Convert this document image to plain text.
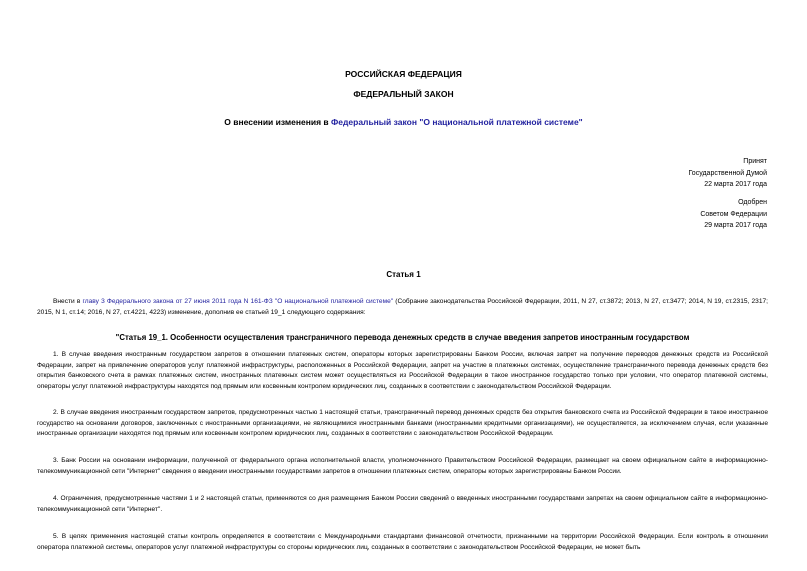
РОССИЙСКАЯ ФЕДЕРАЦИЯ
ФЕДЕРАЛЬНЫЙ ЗАКОН
О внесении изменения в Федеральный закон "О национальной платежной системе"
Принят
Государственной Думой
22 марта 2017 года
Одобрен
Советом Федерации
29 марта 2017 года
Статья 1
Внести в главу 3 Федерального закона от 27 июня 2011 года N 161-ФЗ "О национальной платежной системе" (Собрание законодательства Российской Федерации, 2011, N 27, ст.3872; 2013, N 27, ст.3477; 2014, N 19, ст.2315, 2317; 2015, N 1, ст.14; 2016, N 27, ст.4221, 4223) изменение, дополнив ее статьей 19_1 следующего содержания:
"Статья 19_1. Особенности осуществления трансграничного перевода денежных средств в случае введения запретов иностранным государством
1. В случае введения иностранным государством запретов в отношении платежных систем, операторы которых зарегистрированы Банком России, включая запрет на получение переводов денежных средств из Российской Федерации, запрет на привлечение операторов услуг платежной инфраструктуры, расположенных в Российской Федерации, запрет на участие в платежных системах, осуществление трансграничного перевода денежных средств без открытия банковского счета в рамках платежных систем, иностранных платежных систем может осуществляться из Российской Федерации в такое иностранное государство только при условии, что оператор платежной системы, операторы услуг платежной инфраструктуры находятся под прямым или косвенным контролем юридических лиц, созданных в соответствии с законодательством Российской Федерации.
2. В случае введения иностранным государством запретов, предусмотренных частью 1 настоящей статьи, трансграничный перевод денежных средств без открытия банковского счета из Российской Федерации в такое иностранное государство на основании договоров, заключенных с иностранными организациями, не являющимися иностранными банками (иностранными кредитными организациями), не осуществляется, за исключением случая, если указанные иностранные организации находятся под прямым или косвенным контролем юридических лиц, созданных в соответствии с законодательством Российской Федерации.
3. Банк России на основании информации, полученной от федерального органа исполнительной власти, уполномоченного Правительством Российской Федерации, размещает на своем официальном сайте в информационно-телекоммуникационной сети "Интернет" сведения о введении иностранными государствами запретов в отношении платежных систем, операторы которых зарегистрированы Банком России.
4. Ограничения, предусмотренные частями 1 и 2 настоящей статьи, применяются со дня размещения Банком России сведений о введенных иностранными государствами запретах на своем официальном сайте в информационно-телекоммуникационной сети "Интернет".
5. В целях применения настоящей статьи контроль определяется в соответствии с Международными стандартами финансовой отчетности, признанными на территории Российской Федерации. Если контроль в отношении оператора платежной системы, операторов услуг платежной инфраструктуры со стороны юридических лиц, созданных в соответствии с законодательством Российской Федерации, не может быть
